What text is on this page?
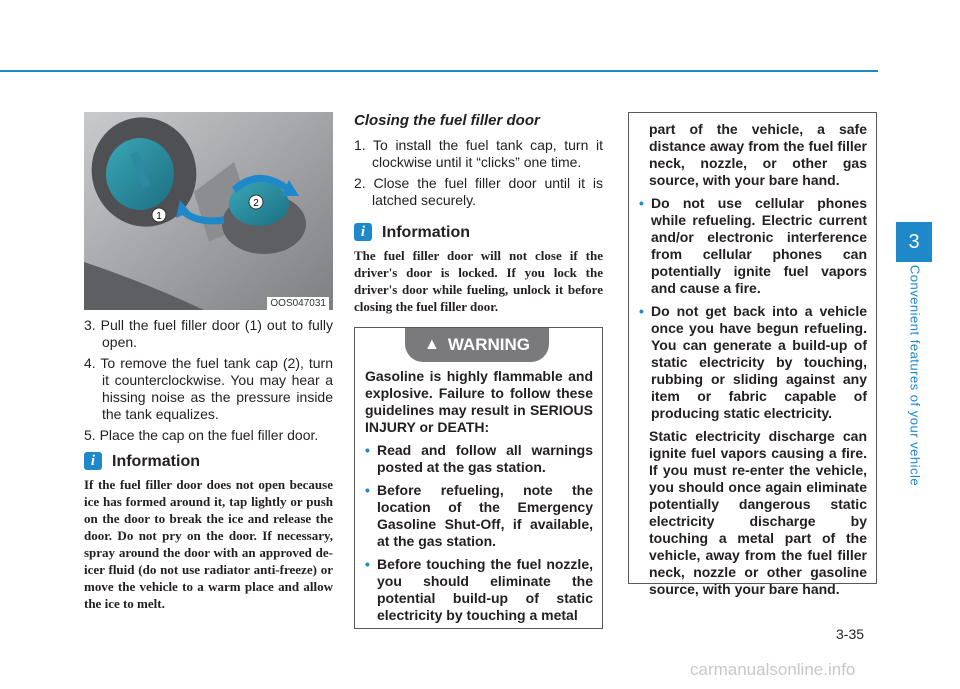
2
1
OOS047031
3. Pull the fuel filler door (1) out to fully open.
4. To remove the fuel tank cap (2), turn it counterclockwise. You may hear a hissing noise as the pressure inside the tank equalizes.
5. Place the cap on the fuel filler door.
i	Information

If the fuel filler door does not open because ice has formed around it, tap lightly or push on the door to break the ice and release the door. Do not pry on the door. If necessary, spray around the door with an approved de-icer fluid (do not use radiator anti-freeze) or move the vehicle to a warm place and allow the ice to melt.

Closing the fuel filler door

1. To install the fuel tank cap, turn it clockwise until it “clicks” one time.
2. Close the fuel filler door until it is latched securely.
i	Information

The fuel filler door will not close if the driver's door is locked. If you lock the driver's door while fueling, unlock it before closing the fuel filler door.

▲ WARNING

Gasoline is highly flammable and explosive. Failure to follow these guidelines may result in SERIOUS INJURY or DEATH:

• Read and follow all warnings posted at the gas station.
• Before refueling, note the location of the Emergency Gasoline Shut-Off, if available, at the gas station.
• Before touching the fuel nozzle, you should eliminate the potential build-up of static electricity by touching a metal

part of the vehicle, a safe distance away from the fuel filler neck, nozzle, or other gas source, with your bare hand.

• Do not use cellular phones while refueling. Electric current and/or electronic interference from cellular phones can potentially ignite fuel vapors and cause a fire.
• Do not get back into a vehicle once you have begun refueling. You can generate a build-up of static electricity by touching, rubbing or sliding against any item or fabric capable of producing static electricity.

Static electricity discharge can ignite fuel vapors causing a fire. If you must re-enter the vehicle, you should once again eliminate potentially dangerous static electricity discharge by touching a metal part of the vehicle, away from the fuel filler neck, nozzle or other gasoline source, with your bare hand.

3
Convenient features of your vehicle
3-35
carmanualsonline.info
